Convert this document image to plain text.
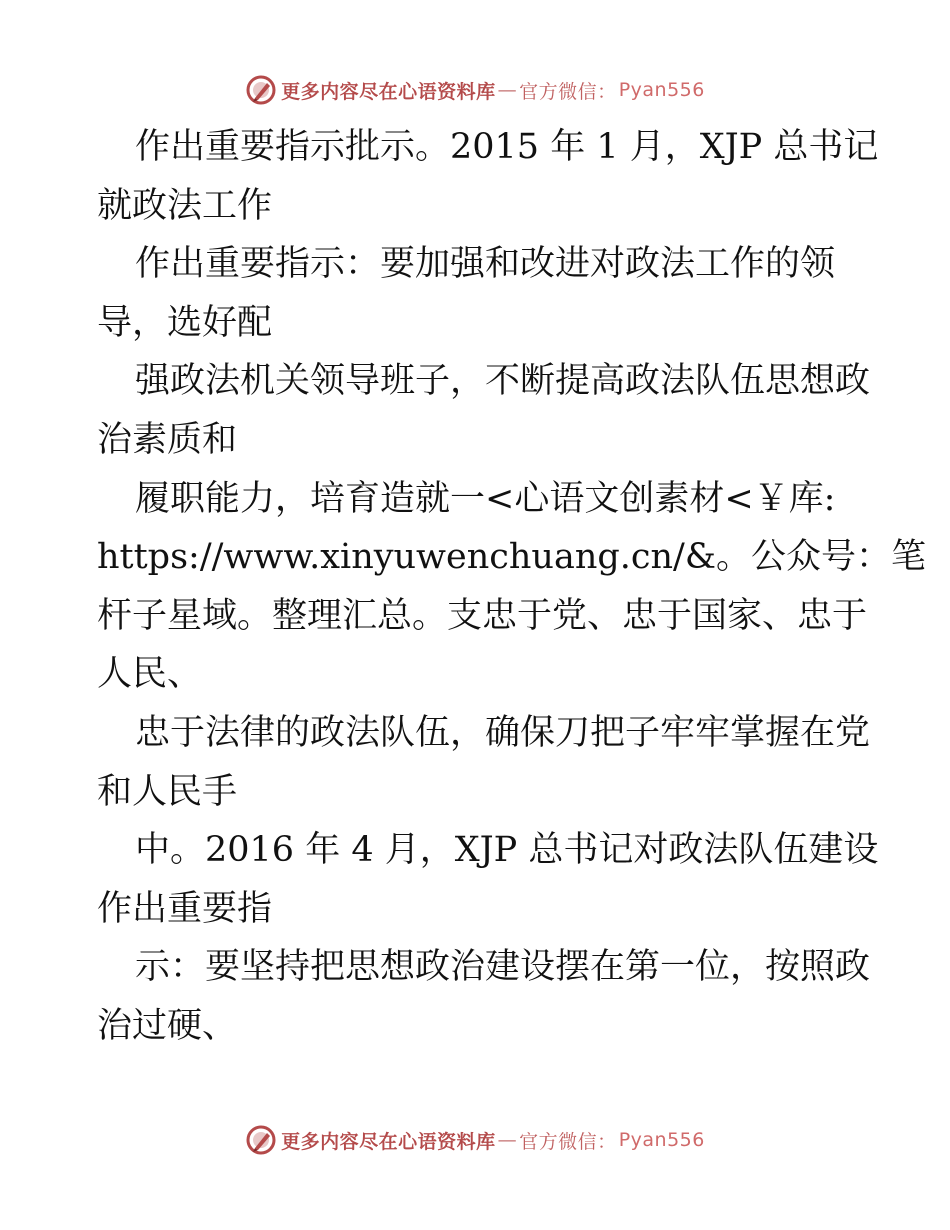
更多内容尽在心语资料库 — 官方微信： Pyan556
作出重要指示批示。2015 年 1 月，XJP 总书记
就政法工作
作出重要指示：要加强和改进对政法工作的领
导，选好配
强政法机关领导班子，不断提高政法队伍思想政
治素质和
履职能力，培育造就一<心语文创素材<￥库:
https://www.xinyuwenchuang.cn/&。公众号：笔
杆子星域。整理汇总。支忠于党、忠于国家、忠于
人民、
忠于法律的政法队伍，确保刀把子牢牢掌握在党
和人民手
中。2016 年 4 月，XJP 总书记对政法队伍建设
作出重要指
示：要坚持把思想政治建设摆在第一位，按照政
治过硬、
更多内容尽在心语资料库 — 官方微信： Pyan556
